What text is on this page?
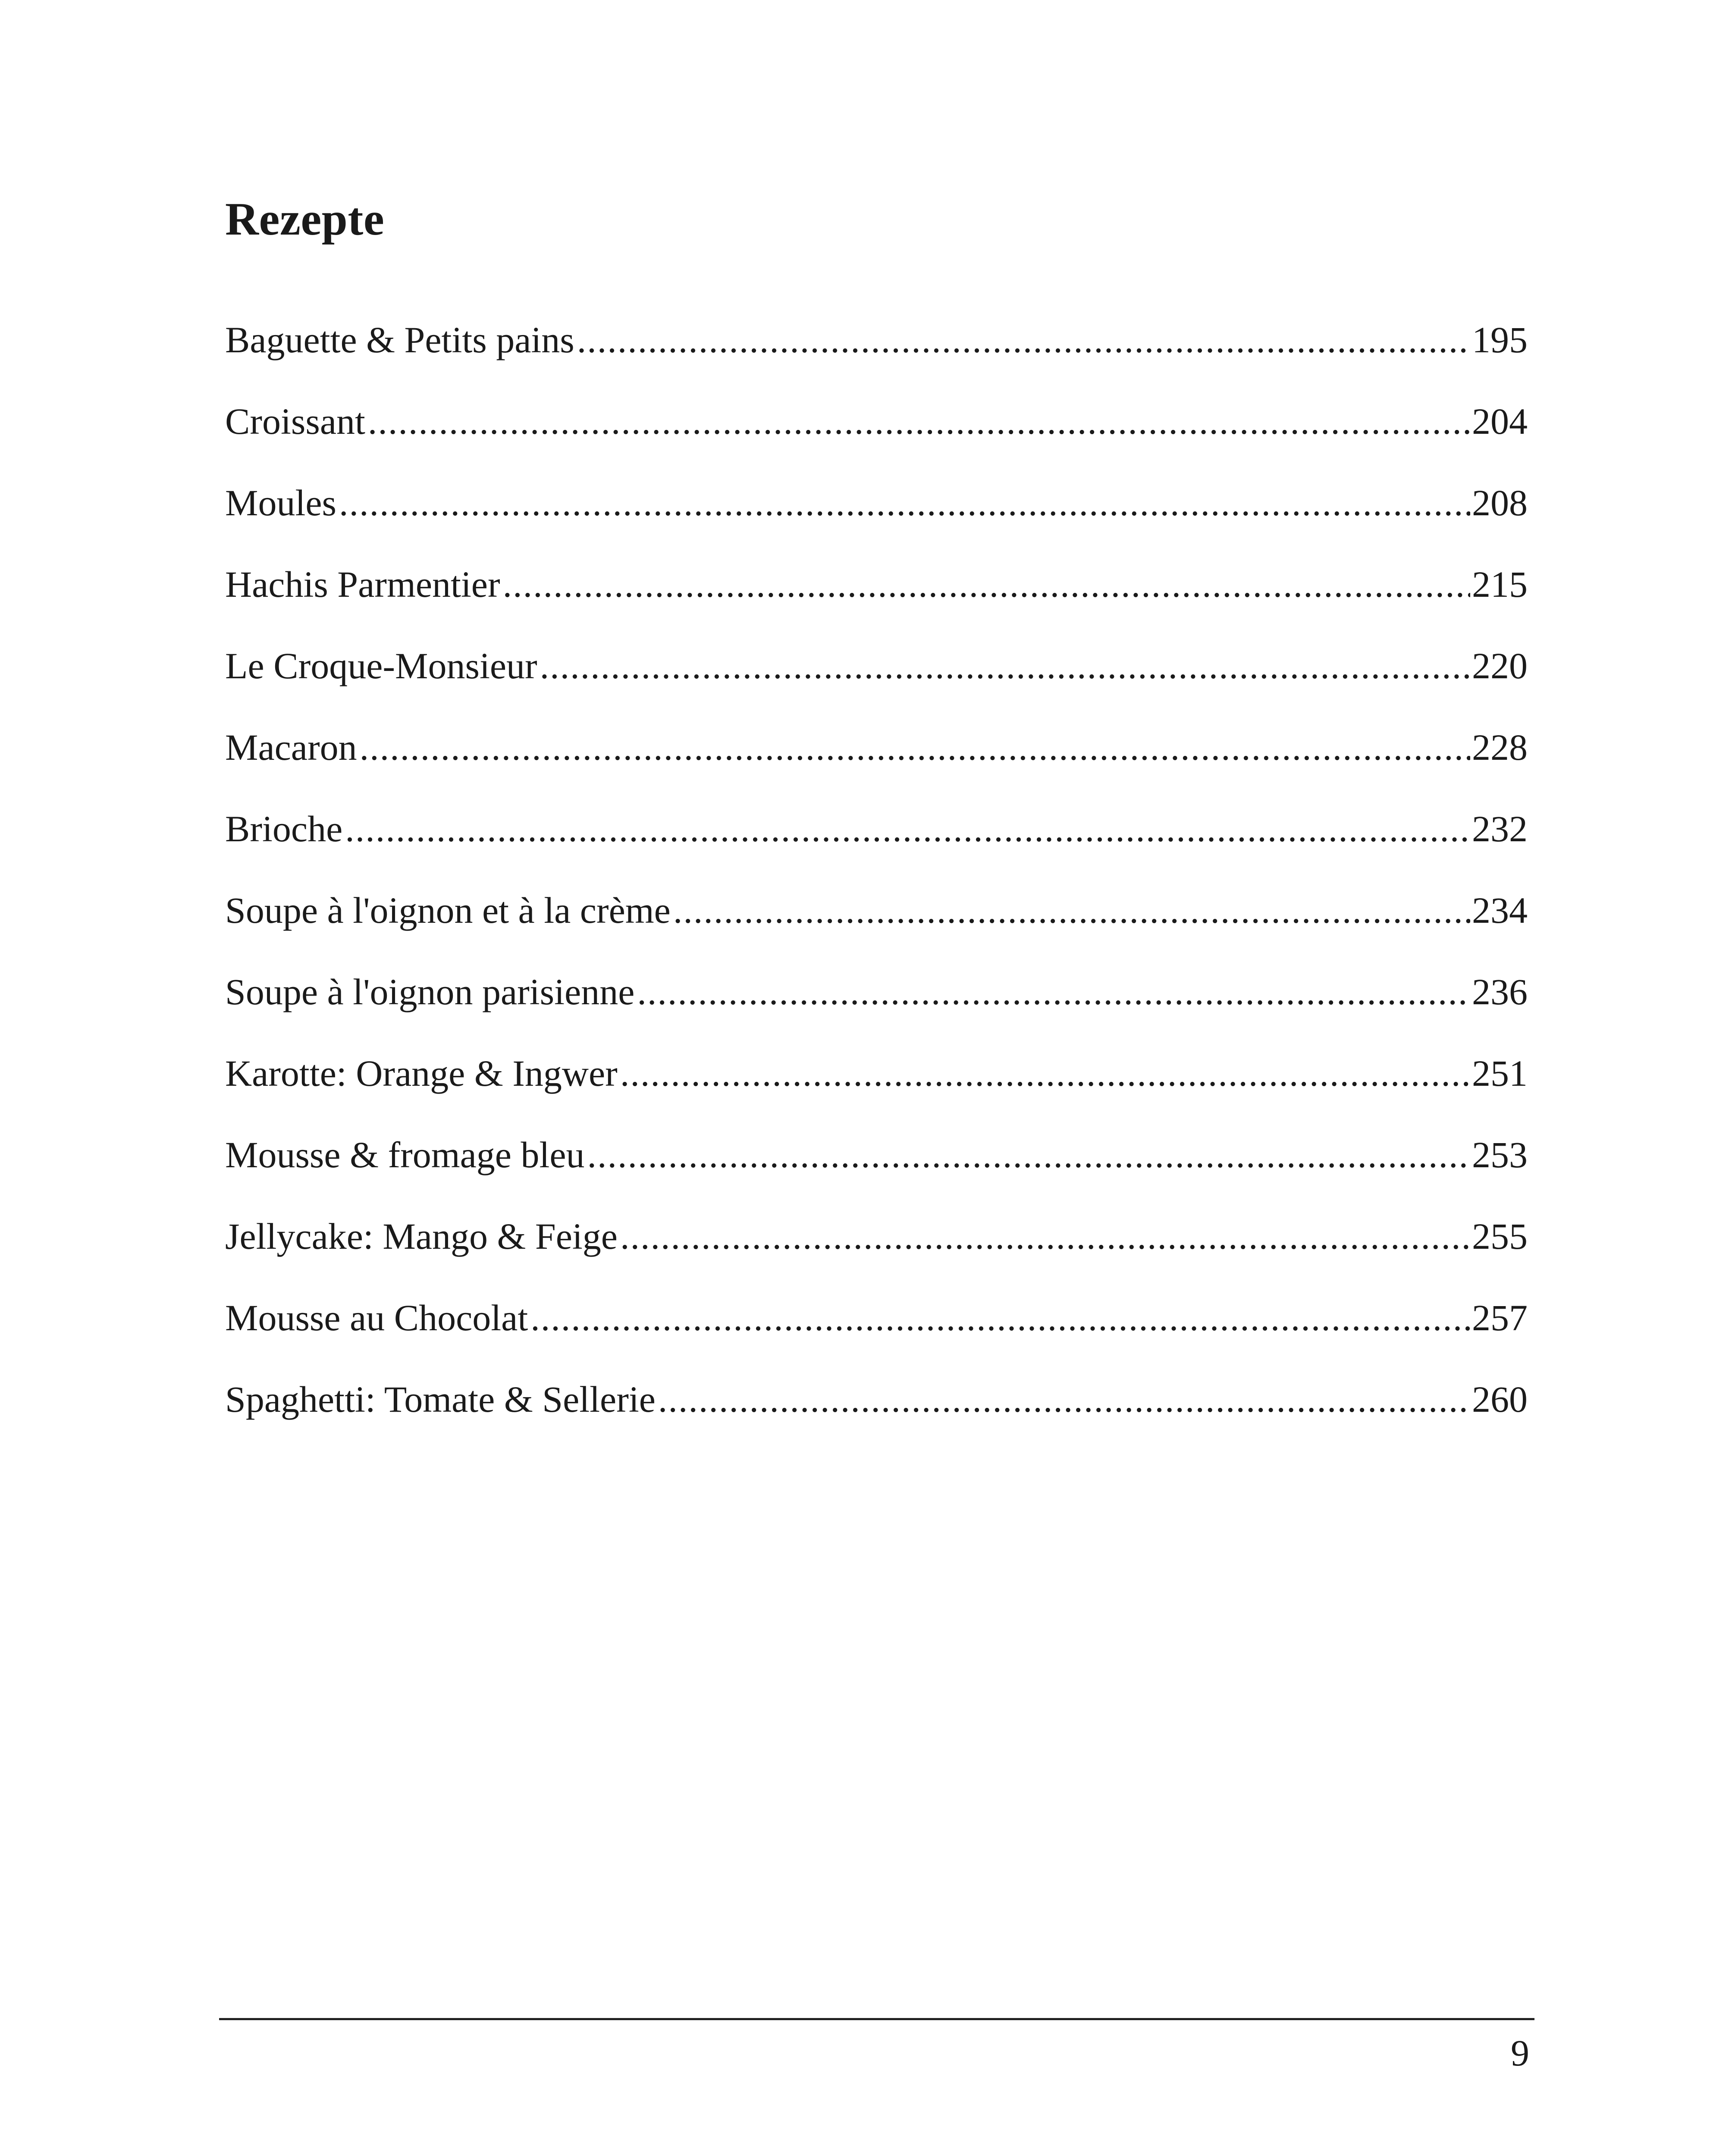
Rezepte
Baguette & Petits pains .....	195
Croissant .....	204
Moules .....	208
Hachis Parmentier .....	215
Le Croque-Monsieur .....	220
Macaron .....	228
Brioche .....	232
Soupe à l'oignon et à la crème .....	234
Soupe à l'oignon parisienne .....	236
Karotte: Orange & Ingwer .....	251
Mousse & fromage bleu .....	253
Jellycake: Mango & Feige .....	255
Mousse au Chocolat .....	257
Spaghetti: Tomate & Sellerie .....	260
9
